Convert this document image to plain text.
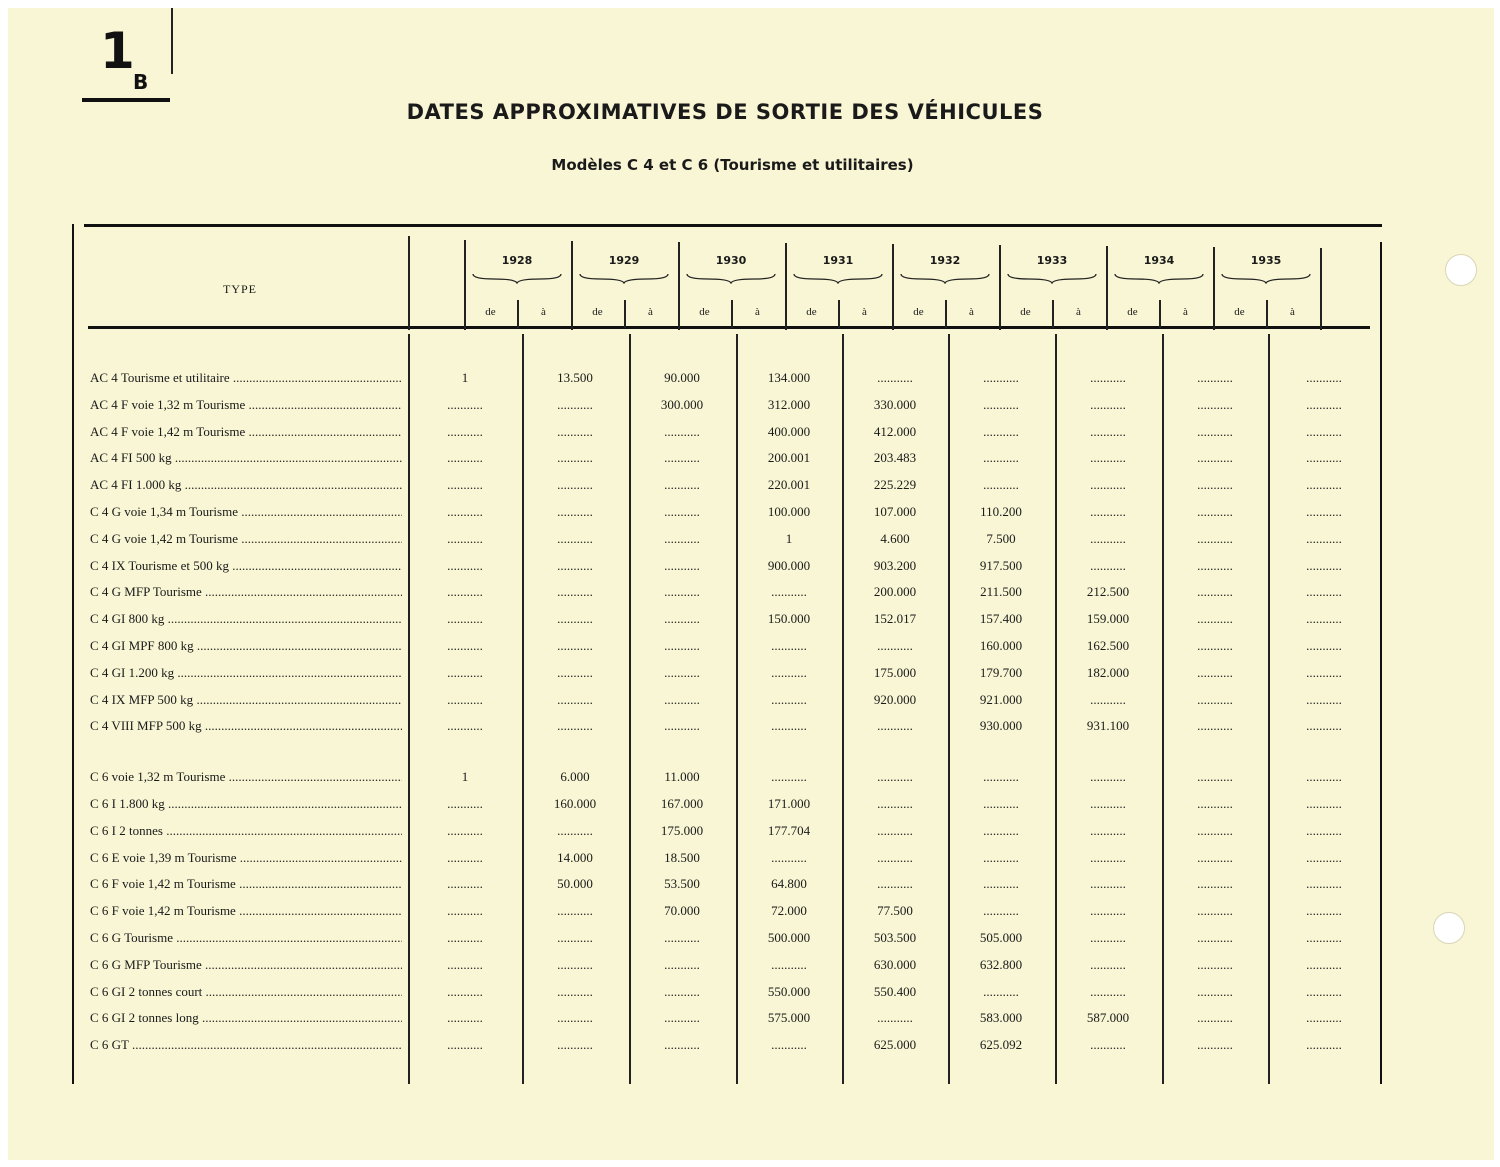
1
B
DATES APPROXIMATIVES DE SORTIE DES VÉHICULES
Modèles C 4 et C 6 (Tourisme et utilitaires)
TYPE
1928
de	à
1929
de	à
1930
de	à
1931
de	à
1932
de	à
1933
de	à
1934
de	à
1935
de	à
AC 4 Tourisme et utilitaire .....	1	13.500	90.000	134.000	...........	...........	...........	...........	...........
AC 4 F voie 1,32 m Tourisme .....	...........	...........	300.000	312.000	330.000	...........	...........	...........	...........
AC 4 F voie 1,42 m Tourisme .....	...........	...........	...........	400.000	412.000	...........	...........	...........	...........
AC 4 FI 500 kg .....	...........	...........	...........	200.001	203.483	...........	...........	...........	...........
AC 4 FI 1.000 kg .....	...........	...........	...........	220.001	225.229	...........	...........	...........	...........
C 4 G voie 1,34 m Tourisme .....	...........	...........	...........	100.000	107.000	110.200	...........	...........	...........
C 4 G voie 1,42 m Tourisme .....	...........	...........	...........	1	4.600	7.500	...........	...........	...........
C 4 IX Tourisme et 500 kg .....	...........	...........	...........	900.000	903.200	917.500	...........	...........	...........
C 4 G MFP Tourisme .....	...........	...........	...........	...........	200.000	211.500	212.500	...........	...........
C 4 GI 800 kg .....	...........	...........	...........	150.000	152.017	157.400	159.000	...........	...........
C 4 GI MPF 800 kg .....	...........	...........	...........	...........	...........	160.000	162.500	...........	...........
C 4 GI 1.200 kg .....	...........	...........	...........	...........	175.000	179.700	182.000	...........	...........
C 4 IX MFP 500 kg .....	...........	...........	...........	...........	920.000	921.000	...........	...........	...........
C 4 VIII MFP 500 kg .....	...........	...........	...........	...........	...........	930.000	931.100	...........	...........
C 6 voie 1,32 m Tourisme .....	1	6.000	11.000	...........	...........	...........	...........	...........	...........
C 6 I 1.800 kg .....	...........	160.000	167.000	171.000	...........	...........	...........	...........	...........
C 6 I 2 tonnes .....	...........	...........	175.000	177.704	...........	...........	...........	...........	...........
C 6 E voie 1,39 m Tourisme .....	...........	14.000	18.500	...........	...........	...........	...........	...........	...........
C 6 F voie 1,42 m Tourisme .....	...........	50.000	53.500	64.800	...........	...........	...........	...........	...........
C 6 F voie 1,42 m Tourisme .....	...........	...........	70.000	72.000	77.500	...........	...........	...........	...........
C 6 G Tourisme .....	...........	...........	...........	500.000	503.500	505.000	...........	...........	...........
C 6 G MFP Tourisme .....	...........	...........	...........	...........	630.000	632.800	...........	...........	...........
C 6 GI 2 tonnes court .....	...........	...........	...........	550.000	550.400	...........	...........	...........	...........
C 6 GI 2 tonnes long .....	...........	...........	...........	575.000	...........	583.000	587.000	...........	...........
C 6 GT .....	...........	...........	...........	...........	625.000	625.092	...........	...........	...........
